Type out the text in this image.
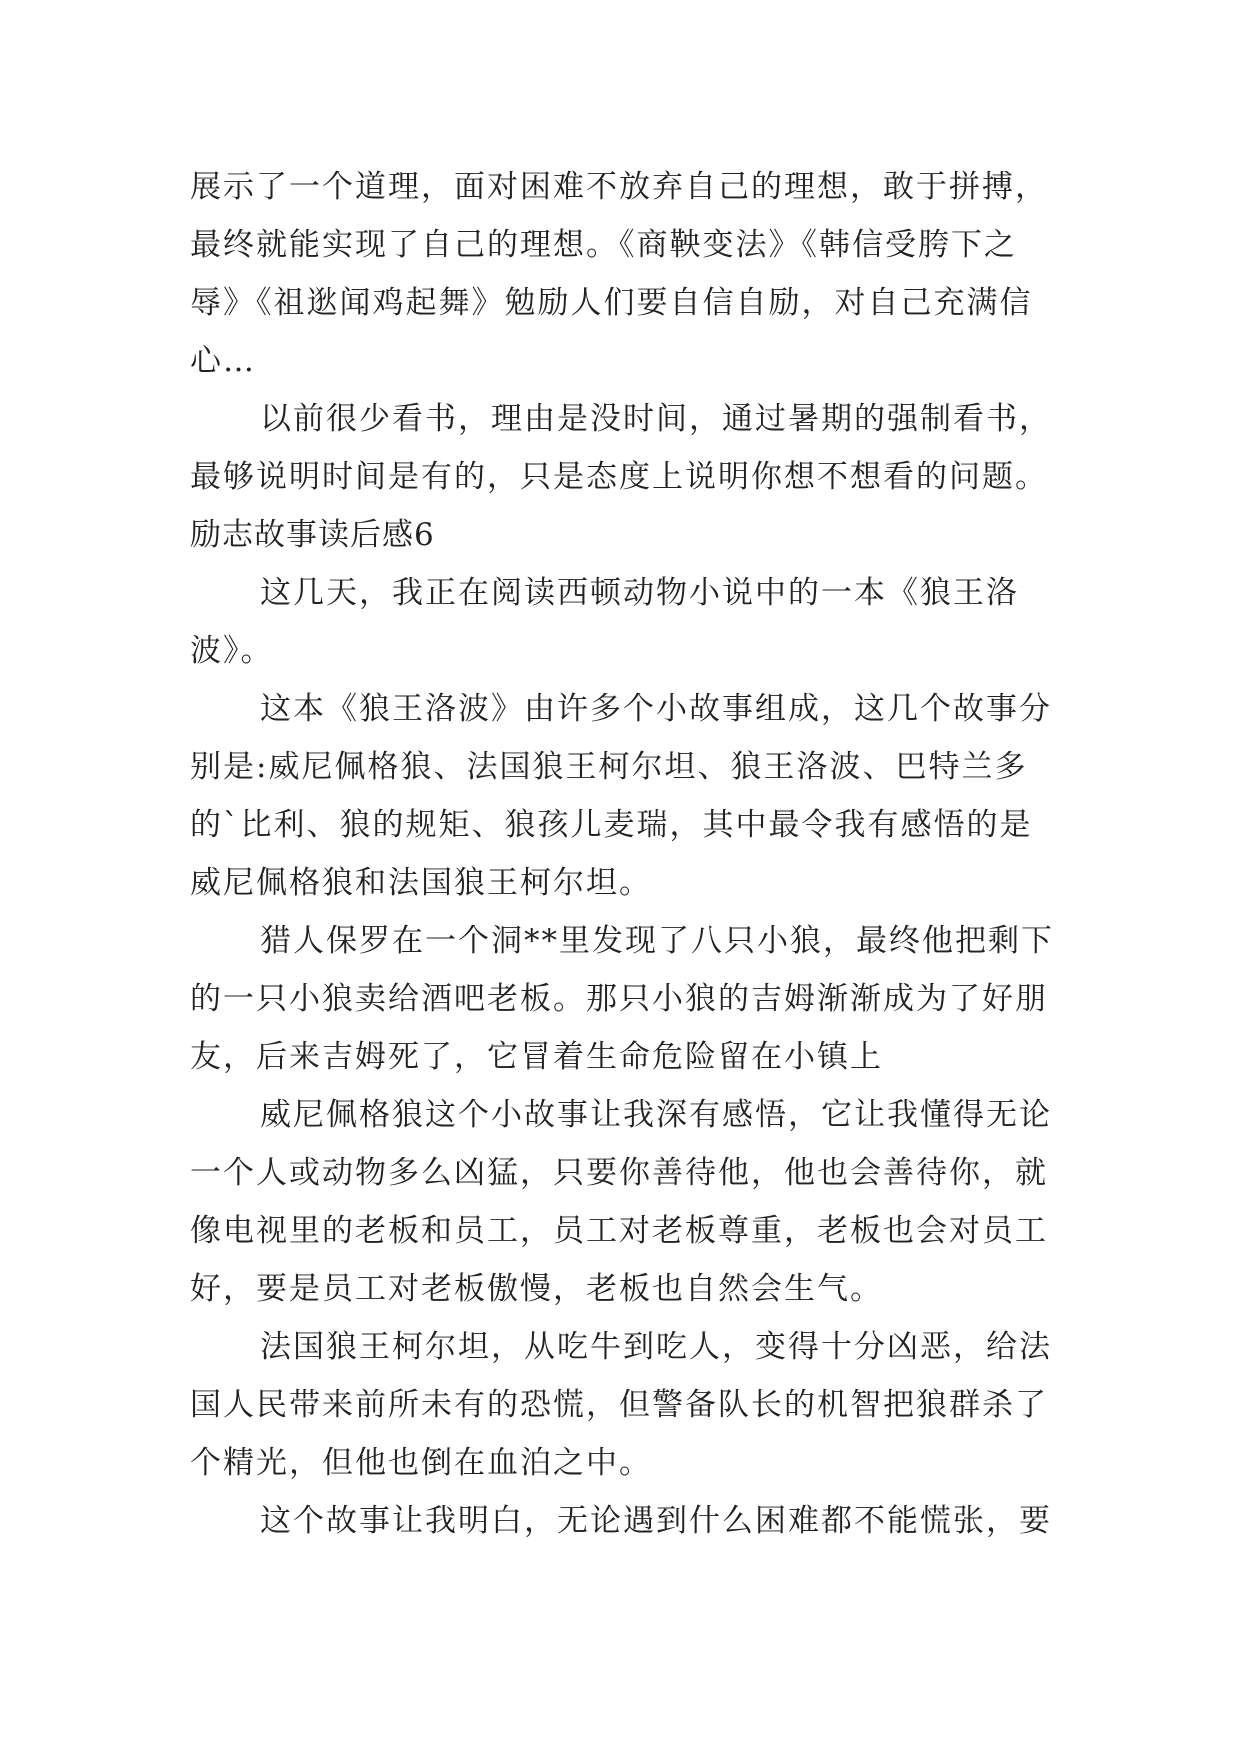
展示了一个道理，面对困难不放弃自己的理想，敢于拼搏，
最终就能实现了自己的理想。《商鞅变法》《韩信受胯下之
辱》《祖逖闻鸡起舞》勉励人们要自信自励，对自己充满信
心…
以前很少看书，理由是没时间，通过暑期的强制看书，
最够说明时间是有的，只是态度上说明你想不想看的问题。
励志故事读后感6
这几天，我正在阅读西顿动物小说中的一本《狼王洛
波》。
这本《狼王洛波》由许多个小故事组成，这几个故事分
别是:威尼佩格狼、法国狼王柯尔坦、狼王洛波、巴特兰多
的`比利、狼的规矩、狼孩儿麦瑞，其中最令我有感悟的是
威尼佩格狼和法国狼王柯尔坦。
猎人保罗在一个洞**里发现了八只小狼，最终他把剩下
的一只小狼卖给酒吧老板。那只小狼的吉姆渐渐成为了好朋
友，后来吉姆死了，它冒着生命危险留在小镇上
威尼佩格狼这个小故事让我深有感悟，它让我懂得无论
一个人或动物多么凶猛，只要你善待他，他也会善待你，就
像电视里的老板和员工，员工对老板尊重，老板也会对员工
好，要是员工对老板傲慢，老板也自然会生气。
法国狼王柯尔坦，从吃牛到吃人，变得十分凶恶，给法
国人民带来前所未有的恐慌，但警备队长的机智把狼群杀了
个精光，但他也倒在血泊之中。
这个故事让我明白，无论遇到什么困难都不能慌张，要
